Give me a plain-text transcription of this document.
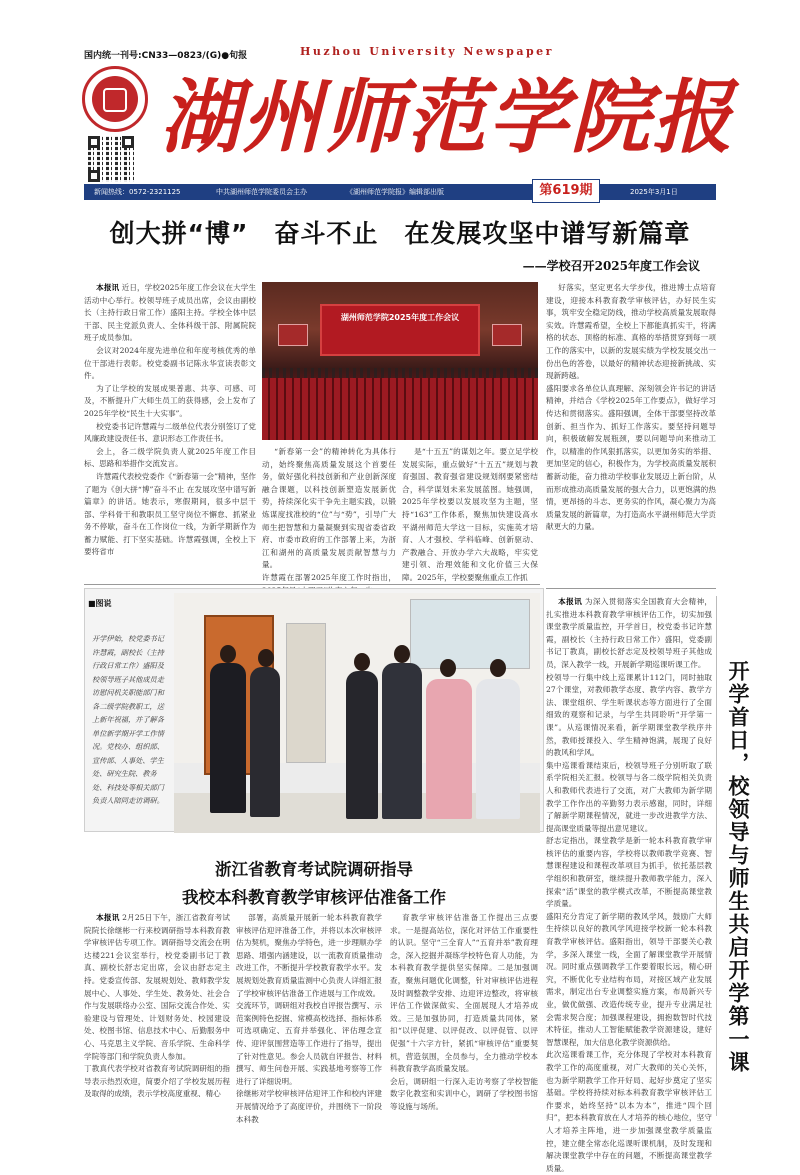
国内统一刊号:CN33—0823/(G)●旬报	Huzhou University Newspaper
湖州师范学院报
新闻热线：0572-2321125	中共湖州师范学院委员会主办	《湖州师范学院报》编辑部出版	2025年3月1日
第619期
创大拼“博”　奋斗不止　在发展攻坚中谱写新篇章
——学校召开2025年度工作会议

本报讯 近日，学校2025年度工作会议在大学生活动中心举行。校领导班子成员出席，会议由副校长（主持行政日常工作）盛阳主持。学校全体中层干部、民主党派负责人、全体科级干部、附属院院班子成员参加。

会议对2024年度先进单位和年度考核优秀的单位干部进行表彰。校党委副书记陈永华宣读表彰文件。

为了让学校的发展成果普惠、共享、可感、可及，不断提升广大师生员工的获得感，会上发布了2025年学校“民生十大实事”。

校党委书记许慧霞与二级单位代表分别签订了党风廉政建设责任书、意识形态工作责任书。

会上，各二级学院负责人就2025年度工作目标、思路和举措作交流发言。

许慧霞代表校党委作《“新春第一会”精神，坚作了题为《创大拼“博”奋斗不止 在发展攻坚中谱写新篇章》的讲话。她表示，寒假期间，很多中层干部、学科骨干和教职员工坚守岗位不懈怠、抓紧业务不停歇，奋斗在工作岗位一线，为新学期新作为蓄力赋能、打下坚实基础。许慧霞强调，全校上下要将省市

湖州师范学院2025年度工作会议
“新春第一会”的精神转化为具体行动，始终聚焦高质量发展这个首要任务，做好强化科技创新和产业创新深度融合课题，以科技创新塑造发展新优势，持续深化实干争先主题实践，以锻炼谋度找准校的“位”与“势”，引导广大师生把智慧和力量凝聚到实现省委省政府、市委市政府的工作部署上来，为浙江和湖州的高质量发展贡献智慧与力量。
许慧霞在部署2025年度工作时指出，
是“十五五”的谋划之年。要立足学校发展实际，重点做好“十五五”规划与教育强国、教育强省建设规划纲要紧密结合，科学谋划未来发展蓝图。她强调，2025年学校要以发展攻坚为主题，坚持“163”工作体系，聚焦加快建设高水平湖州师范大学这一目标，实施英才培育、人才强校、学科临峰、创新驱动、产教融合、开放办学六大战略，牢实党建引领、治理效能和文化价值三大保障。2025年，学校要聚焦重点工作抓
好落实，坚定更名大学步伐，推进博士点培育建设，迎接本科教育教学审核评估，办好民生实事，筑牢安全稳定防线，推动学校高质量发展取得实效。许慧霞希望，全校上下都能真抓实干，将满格的状态、顶格的标准、真格的举措贯穿到每一项工作的落实中，以新的发展实绩为学校发展交出一份出色的答卷，以最好的精神状态迎接新挑战、实现新跨越。
盛阳要求各单位认真理解、深刻领会许书记的讲话精神，并结合《学校2025年工作要点》，做好学习传达和贯彻落实。盛阳强调，全体干部要坚持改革创新、担当作为、抓好工作落实。要坚持问题导向，积极破解发展瓶颈，要以问题导向来推动工作，以精准的作风狠抓落实，以更加务实的举措、更加坚定的信心，积极作为，为学校高质量发展积蓄新动能，奋力推动学校事业发展迈上新台阶，从而形成推动高质量发展的强大合力，以更饱满的热情，更昂扬的斗志、更务实的作风，凝心聚力为高质量发展的新篇章，为打造高水平湖州师范大学贡献更大的力量。
■图说
开学伊始，校党委书记许慧霞，副校长（主持行政日常工作）盛阳及校领导班子其他成员走访慰问机关职能部门和各二级学院教职工，送上新年祝福，并了解各单位新学期开学工作情况。党校办、组织部、宣传部、人事处、学生处、研究生院、教务处、科技处等相关部门负责人陪同走访调研。	开学首日，校领导与师生共启开学第一课
本报讯 为深入贯彻落实全国教育大会精神，扎实推进本科教育教学审核评估工作，切实加强课堂教学质量监控，开学首日，校党委书记许慧霞，副校长（主持行政日常工作）盛阳，党委副书记丁教真，副校长舒志定及校领导班子其他成员，深入教学一线，开展新学期巡课听课工作。
校领导一行集中线上巡课累计112门，同时抽取27个课堂，对教师教学态度、教学内容、教学方法、课堂组织、学生听课状态等方面进行了全面细致的观察和记录，与学生共同聆听“开学第一课”。从巡课情况来看，新学期课堂教学秩序井然，教师授课投入、学生精神饱满，展现了良好的教风和学风。
集中巡课看课结束后，校领导班子分别听取了联系学院相关汇报。校领导与各二级学院相关负责人和教师代表进行了交流，对广大教师为新学期教学工作作出的辛勤努力表示感谢，同时，详细了解新学期课程情况，就进一步改进教学方法、提高课堂质量等提出意见建议。
舒志定指出，课堂教学是新一轮本科教育教学审核评估的重要内容，学校将以教师教学竞赛、智慧课程建设和课程改革项目为抓手，依托基层教学组织和教研室，继续提升教师教学能力，深入探索“活”课堂的教学模式改革，不断提高课堂教学质量。
盛阳充分肯定了新学期的教风学风，鼓励广大师生持续以良好的教风学风迎接学校新一轮本科教育教学审核评估。盛阳指出，领导干部要关心教学，多深入课堂一线，全面了解课堂教学开展情况。同时重点强调教学工作要着眼长远，精心研究，不断优化专业结构布局，对接区域产业发展需求，制定出台专业调整实施方案，布局新兴专业，做优做强、改造传统专业，提升专业满足社会需求契合度；加强课程建设，拥抱数智时代技术特征，推动人工智能赋能教学资源建设，建好智慧课程，加大信息化教学资源供给。
此次巡课看课工作，充分体现了学校对本科教育教学工作的高度重视，对广大教师的关心关怀，也为新学期教学工作开好局、起好步奠定了坚实基础。学校将持续对标本科教育教学审核评估工作要求，始终坚持“以本为本”，推进“四个回归”，把本科教育放在人才培养的核心地位，坚守人才培养主阵地，进一步加强课堂教学质量监控，建立健全常态化巡课听课机制，及时发现和解决课堂教学中存在的问题，不断提高课堂教学质量。
浙江省教育考试院调研指导
我校本科教育教学审核评估准备工作
本报讯 2月25日下午，浙江省教育考试院院长徐继彬一行来校调研指导本科教育教学审核评估专项工作。调研指导交流会在明达楼221会议室举行，校党委副书记丁教真、副校长舒志定出席，会议由舒志定主持。党委宣传部、发展规划处、教师教学发展中心、人事处、学生处、教务处、社会合作与发展联络办公室、国际交流合作处、实验建设与管理处、计划财务处、校园建设处、校图书馆、信息技术中心、后勤服务中心、马克思主义学院、音乐学院、生命科学学院等部门和学院负责人参加。
丁教真代表学校对省教育考试院调研组的指导表示热烈欢迎，简要介绍了学校发展历程及取得的成绩，表示学校高度重视、精心
部署，高质量开展新一轮本科教育教学审核评估迎评准备工作，并将以本次审核评估为契机，聚焦办学特色，进一步理顺办学思路、增强内涵建设，以一流教育质量推动改进工作，不断提升学校教育教学水平。发展规划处教育质量监测中心负责人详细汇报了学校审核评估准备工作进展与工作成效。
交流环节，调研组对我校自评报告撰写、示范案例特色挖掘、常模高校选择、指标体系可选项确定、五育并举强化、评估理念宣传、迎评氛围营造等工作进行了指导，提出了针对性意见。参会人员就自评报告、材料撰写、师生问卷开展、实践基地考察等工作进行了详细说明。
徐继彬对学校审核评估迎评工作和校内评建开展情况给予了高度评价，并围绕下一阶段本科教
育教学审核评估准备工作提出三点要求。一是提高站位，深化对评估工作重要性的认识。坚守“三全育人”“五育并举”教育理念，深入挖掘并凝练学校特色育人功能，为本科教育教学提供坚实保障。二是加强调查，聚焦问题优化调整，针对审核评估进程及时调整教学安排、边迎评边整改，将审核评估工作做深做实、全面展现人才培养成效。三是加强协同，打造质量共同体，紧扣“以评促建、以评促改、以评促管、以评促强”十六字方针，紧抓“审核评估”重要契机，营造氛围，全员参与，全力推动学校本科教育教学高质量发展。
会后，调研组一行深入走访考察了学校智能数字化教室和实训中心，调研了学校图书馆等设施与场所。
